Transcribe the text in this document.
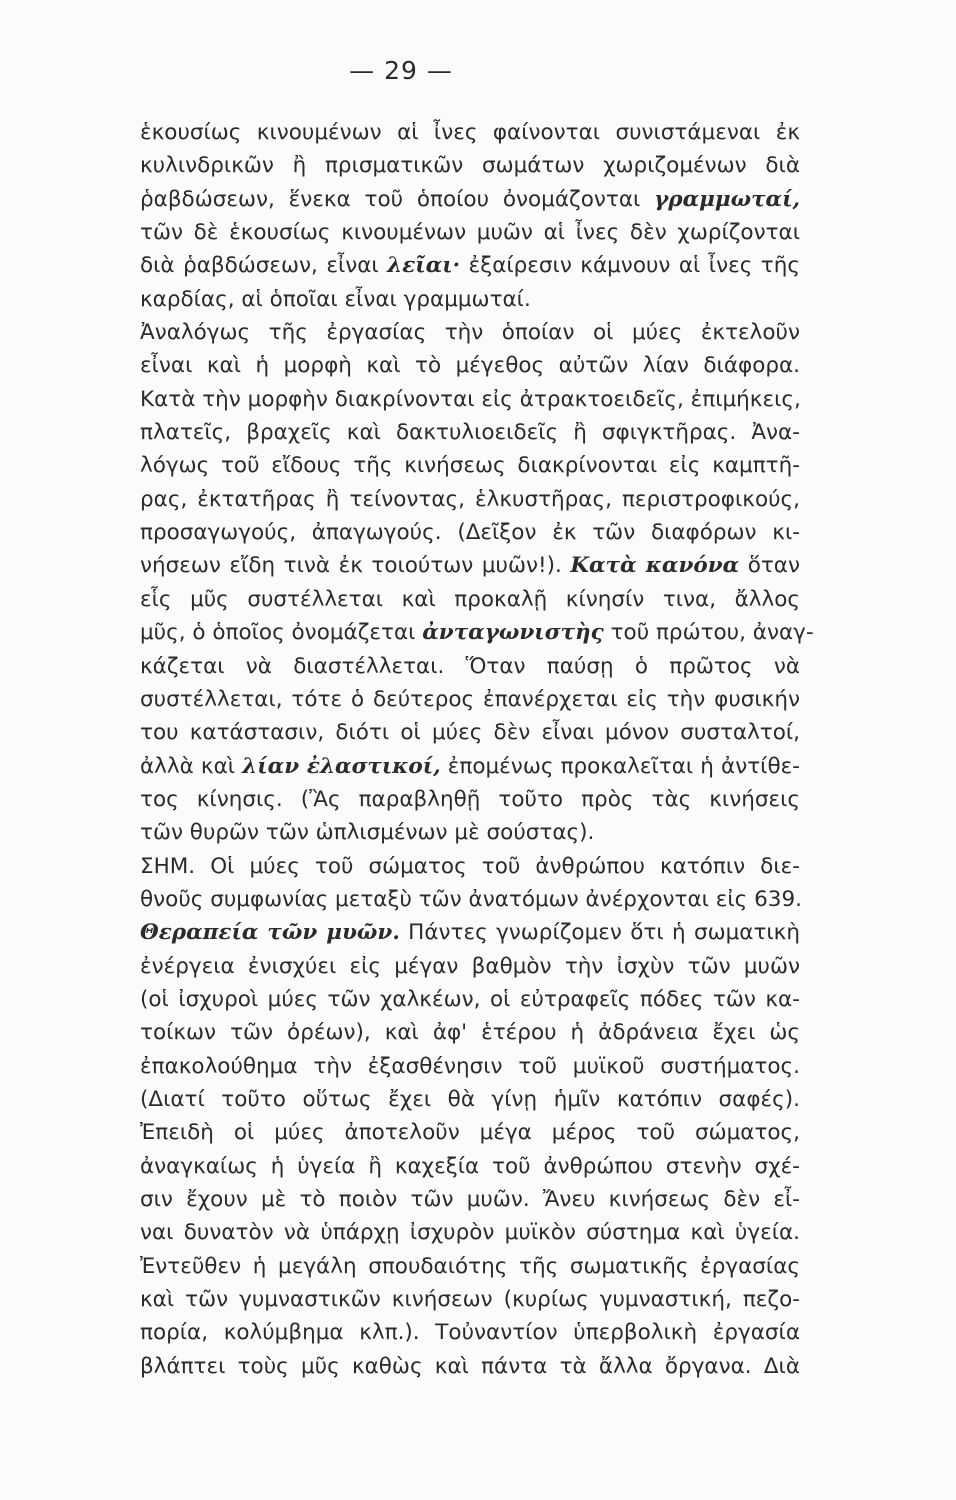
— 29 —
ἑκουσίως κινουμένων αἱ ἶνες φαίνονται συνιστάμεναι ἐκ
κυλινδρικῶν ἢ πρισματικῶν σωμάτων χωριζομένων διὰ
ῥαβδώσεων, ἕνεκα τοῦ ὁποίου ὀνομάζονται γραμμωταί,
τῶν δὲ ἑκουσίως κινουμένων μυῶν αἱ ἶνες δὲν χωρίζονται
διὰ ῥαβδώσεων, εἶναι λεῖαι· ἐξαίρεσιν κάμνουν αἱ ἶνες τῆς
καρδίας, αἱ ὁποῖαι εἶναι γραμμωταί.
Ἀναλόγως τῆς ἐργασίας τὴν ὁποίαν οἱ μύες ἐκτελοῦν
εἶναι καὶ ἡ μορφὴ καὶ τὸ μέγεθος αὐτῶν λίαν διάφορα.
Κατὰ τὴν μορφὴν διακρίνονται εἰς ἀτρακτοειδεῖς, ἐπιμήκεις,
πλατεῖς, βραχεῖς καὶ δακτυλιοειδεῖς ἢ σφιγκτῆρας. Ἀνα-
λόγως τοῦ εἴδους τῆς κινήσεως διακρίνονται εἰς καμπτῆ-
ρας, ἐκτατῆρας ἢ τείνοντας, ἑλκυστῆρας, περιστροφικούς,
προσαγωγούς, ἀπαγωγούς. (Δεῖξον ἐκ τῶν διαφόρων κι-
νήσεων εἴδη τινὰ ἐκ τοιούτων μυῶν!). Κατὰ κανόνα ὅταν
εἷς μῦς συστέλλεται καὶ προκαλῇ κίνησίν τινα, ἄλλος
μῦς, ὁ ὁποῖος ὀνομάζεται ἀνταγωνιστὴς τοῦ πρώτου, ἀναγ-
κάζεται νὰ διαστέλλεται. Ὅταν παύσῃ ὁ πρῶτος νὰ
συστέλλεται, τότε ὁ δεύτερος ἐπανέρχεται εἰς τὴν φυσικήν
του κατάστασιν, διότι οἱ μύες δὲν εἶναι μόνον συσταλτοί,
ἀλλὰ καὶ λίαν ἐλαστικοί, ἐπομένως προκαλεῖται ἡ ἀντίθε-
τος κίνησις. (Ἂς παραβληθῇ τοῦτο πρὸς τὰς κινήσεις
τῶν θυρῶν τῶν ὡπλισμένων μὲ σούστας).
ΣΗΜ. Οἱ μύες τοῦ σώματος τοῦ ἀνθρώπου κατόπιν διε-
θνοῦς συμφωνίας μεταξὺ τῶν ἀνατόμων ἀνέρχονται εἰς 639.
Θεραπεία τῶν μυῶν. Πάντες γνωρίζομεν ὅτι ἡ σωματικὴ
ἐνέργεια ἐνισχύει εἰς μέγαν βαθμὸν τὴν ἰσχὺν τῶν μυῶν
(οἱ ἰσχυροὶ μύες τῶν χαλκέων, οἱ εὐτραφεῖς πόδες τῶν κα-
τοίκων τῶν ὀρέων), καὶ ἀφ' ἑτέρου ἡ ἀδράνεια ἔχει ὡς
ἐπακολούθημα τὴν ἐξασθένησιν τοῦ μυϊκοῦ συστήματος.
(Διατί τοῦτο οὕτως ἔχει θὰ γίνῃ ἡμῖν κατόπιν σαφές).
Ἐπειδὴ οἱ μύες ἀποτελοῦν μέγα μέρος τοῦ σώματος,
ἀναγκαίως ἡ ὑγεία ἢ καχεξία τοῦ ἀνθρώπου στενὴν σχέ-
σιν ἔχουν μὲ τὸ ποιὸν τῶν μυῶν. Ἄνευ κινήσεως δὲν εἶ-
ναι δυνατὸν νὰ ὑπάρχῃ ἰσχυρὸν μυϊκὸν σύστημα καὶ ὑγεία.
Ἐντεῦθεν ἡ μεγάλη σπουδαιότης τῆς σωματικῆς ἐργασίας
καὶ τῶν γυμναστικῶν κινήσεων (κυρίως γυμναστική, πεζο-
πορία, κολύμβημα κλπ.). Τοὐναντίον ὑπερβολικὴ ἐργασία
βλάπτει τοὺς μῦς καθὼς καὶ πάντα τὰ ἄλλα ὄργανα. Διὰ
